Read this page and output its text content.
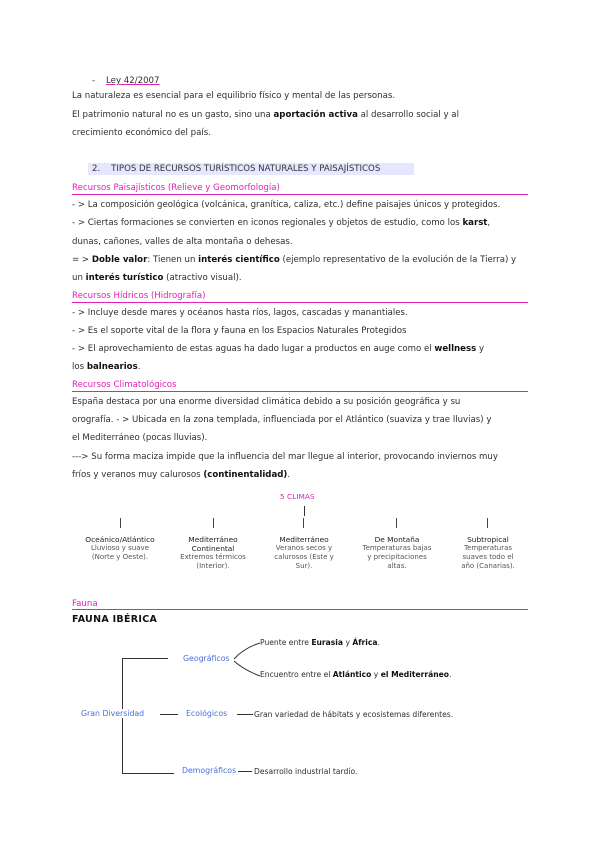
-    Ley 42/2007
La naturaleza es esencial para el equilibrio físico y mental de las personas.
El patrimonio natural no es un gasto, sino una aportación activa al desarrollo social y al
crecimiento económico del país.
2. TIPOS DE RECURSOS TURÍSTICOS NATURALES Y PAISAJÍSTICOS
Recursos Paisajísticos (Relieve y Geomorfología)
- > La composición geológica (volcánica, granítica, caliza, etc.) define paisajes únicos y protegidos.
- > Ciertas formaciones se convierten en iconos regionales y objetos de estudio, como los karst,
dunas, cañones, valles de alta montaña o dehesas.
= > Doble valor: Tienen un interés científico (ejemplo representativo de la evolución de la Tierra) y
un interés turístico (atractivo visual).
Recursos Hídricos (Hidrografía)
- > Incluye desde mares y océanos hasta ríos, lagos, cascadas y manantiales.
- > Es el soporte vital de la flora y fauna en los Espacios Naturales Protegidos
- > El aprovechamiento de estas aguas ha dado lugar a productos en auge como el wellness y
los balnearios.
Recursos Climatológicos
España destaca por una enorme diversidad climática debido a su posición geográfica y su
orografía. - > Ubicada en la zona templada, influenciada por el Atlántico (suaviza y trae lluvias) y
el Mediterráneo (pocas lluvias).
---> Su forma maciza impide que la influencia del mar llegue al interior, provocando inviernos muy
fríos y veranos muy calurosos (continentalidad).
5 CLIMAS
Oceánico/Atlántico
Lluvioso y suave
(Norte y Oeste).
Mediterráneo Continental
Extremos térmicos
(Interior).
Mediterráneo
Veranos secos y
calurosos (Este y
Sur).
De Montaña
Temperaturas bajas
y precipitaciones
altas.
Subtropical
Temperaturas
suaves todo el
año (Canarias).
Fauna
FAUNA IBÉRICA
Gran Diversidad
Geográficos
Puente entre Eurasia y África.
Encuentro entre el Atlántico y el Mediterráneo.
Ecológicos	Gran variedad de hábitats y ecosistemas diferentes.
Demográficos Desarrollo industrial tardío.
